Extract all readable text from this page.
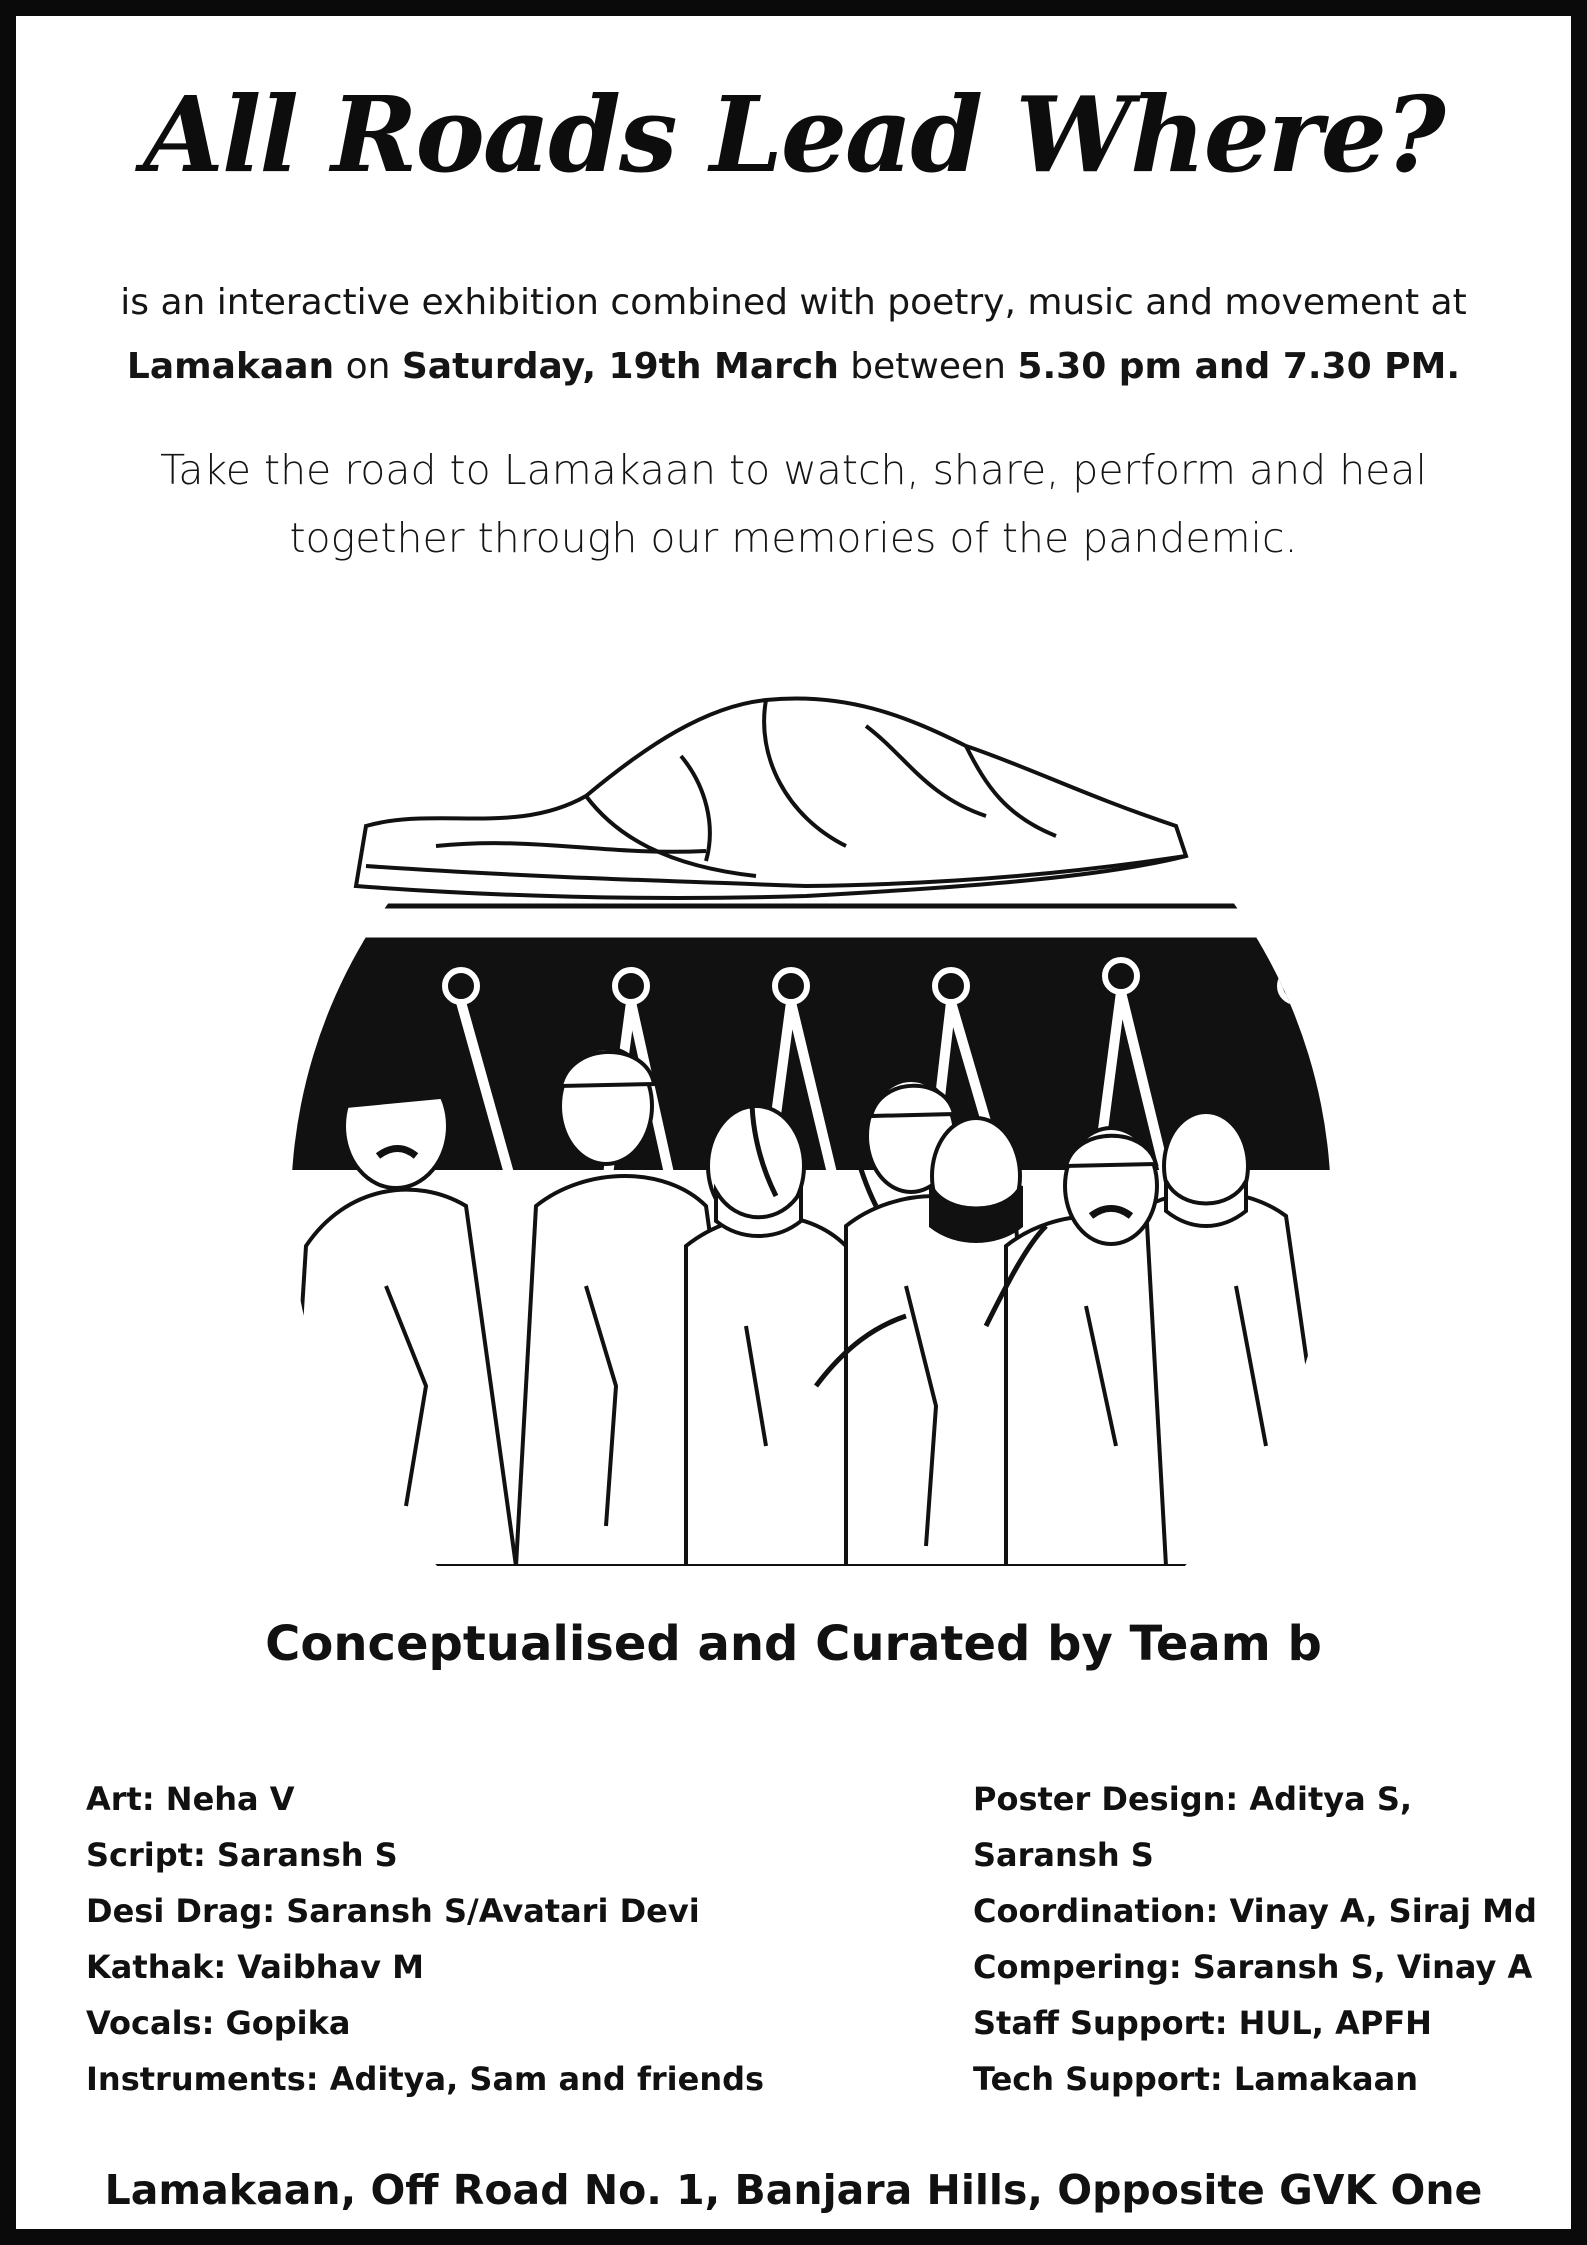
All Roads Lead Where?
is an interactive exhibition combined with poetry, music and movement at
Lamakaan on Saturday, 19th March between 5.30 pm and 7.30 PM.
Take the road to Lamakaan to watch, share, perform and heal
together through our memories of the pandemic.
Conceptualised and Curated by Team b
Art: Neha V
Script: Saransh S
Desi Drag: Saransh S/Avatari Devi
Kathak: Vaibhav M
Vocals: Gopika
Instruments: Aditya, Sam and friends
Poster Design: Aditya S,
Saransh S
Coordination: Vinay A, Siraj Md
Compering: Saransh S, Vinay A
Staff Support: HUL, APFH
Tech Support: Lamakaan
Lamakaan, Off Road No. 1, Banjara Hills, Opposite GVK One
